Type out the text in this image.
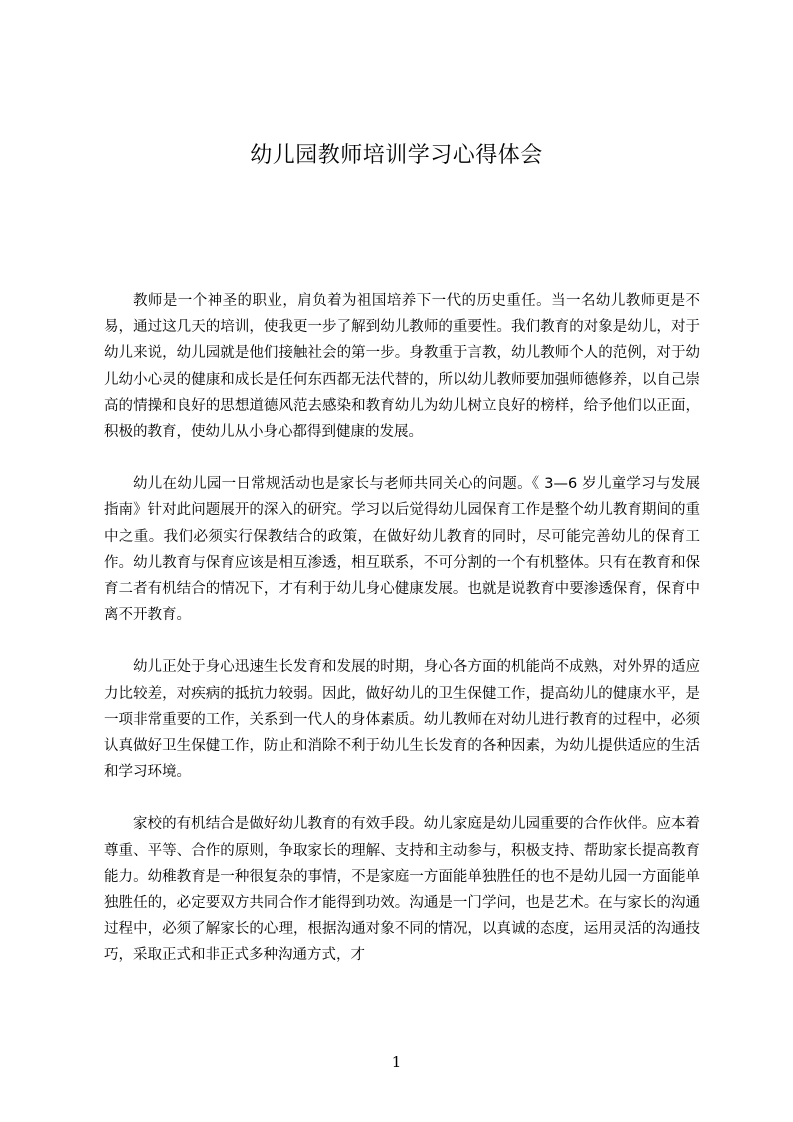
幼儿园教师培训学习心得体会

教师是一个神圣的职业，肩负着为祖国培养下一代的历史重任。当一名幼儿教师更是不易，通过这几天的培训，使我更一步了解到幼儿教师的重要性。我们教育的对象是幼儿，对于幼儿来说，幼儿园就是他们接触社会的第一步。身教重于言教，幼儿教师个人的范例，对于幼儿幼小心灵的健康和成长是任何东西都无法代替的，所以幼儿教师要加强师德修养，以自己崇高的情操和良好的思想道德风范去感染和教育幼儿为幼儿树立良好的榜样，给予他们以正面，积极的教育，使幼儿从小身心都得到健康的发展。

幼儿在幼儿园一日常规活动也是家长与老师共同关心的问题。《 3—6 岁儿童学习与发展指南》针对此问题展开的深入的研究。学习以后觉得幼儿园保育工作是整个幼儿教育期间的重中之重。我们必须实行保教结合的政策，在做好幼儿教育的同时，尽可能完善幼儿的保育工作。幼儿教育与保育应该是相互渗透，相互联系，不可分割的一个有机整体。只有在教育和保育二者有机结合的情况下，才有利于幼儿身心健康发展。也就是说教育中要渗透保育，保育中离不开教育。

幼儿正处于身心迅速生长发育和发展的时期，身心各方面的机能尚不成熟，对外界的适应力比较差，对疾病的抵抗力较弱。因此，做好幼儿的卫生保健工作，提高幼儿的健康水平，是一项非常重要的工作，关系到一代人的身体素质。幼儿教师在对幼儿进行教育的过程中，必须认真做好卫生保健工作，防止和消除不利于幼儿生长发育的各种因素，为幼儿提供适应的生活和学习环境。

家校的有机结合是做好幼儿教育的有效手段。幼儿家庭是幼儿园重要的合作伙伴。应本着尊重、平等、合作的原则，争取家长的理解、支持和主动参与，积极支持、帮助家长提高教育能力。幼稚教育是一种很复杂的事情，不是家庭一方面能单独胜任的也不是幼儿园一方面能单独胜任的，必定要双方共同合作才能得到功效。沟通是一门学问，也是艺术。在与家长的沟通过程中，必须了解家长的心理，根据沟通对象不同的情况，以真诚的态度，运用灵活的沟通技巧，采取正式和非正式多种沟通方式，才

1
